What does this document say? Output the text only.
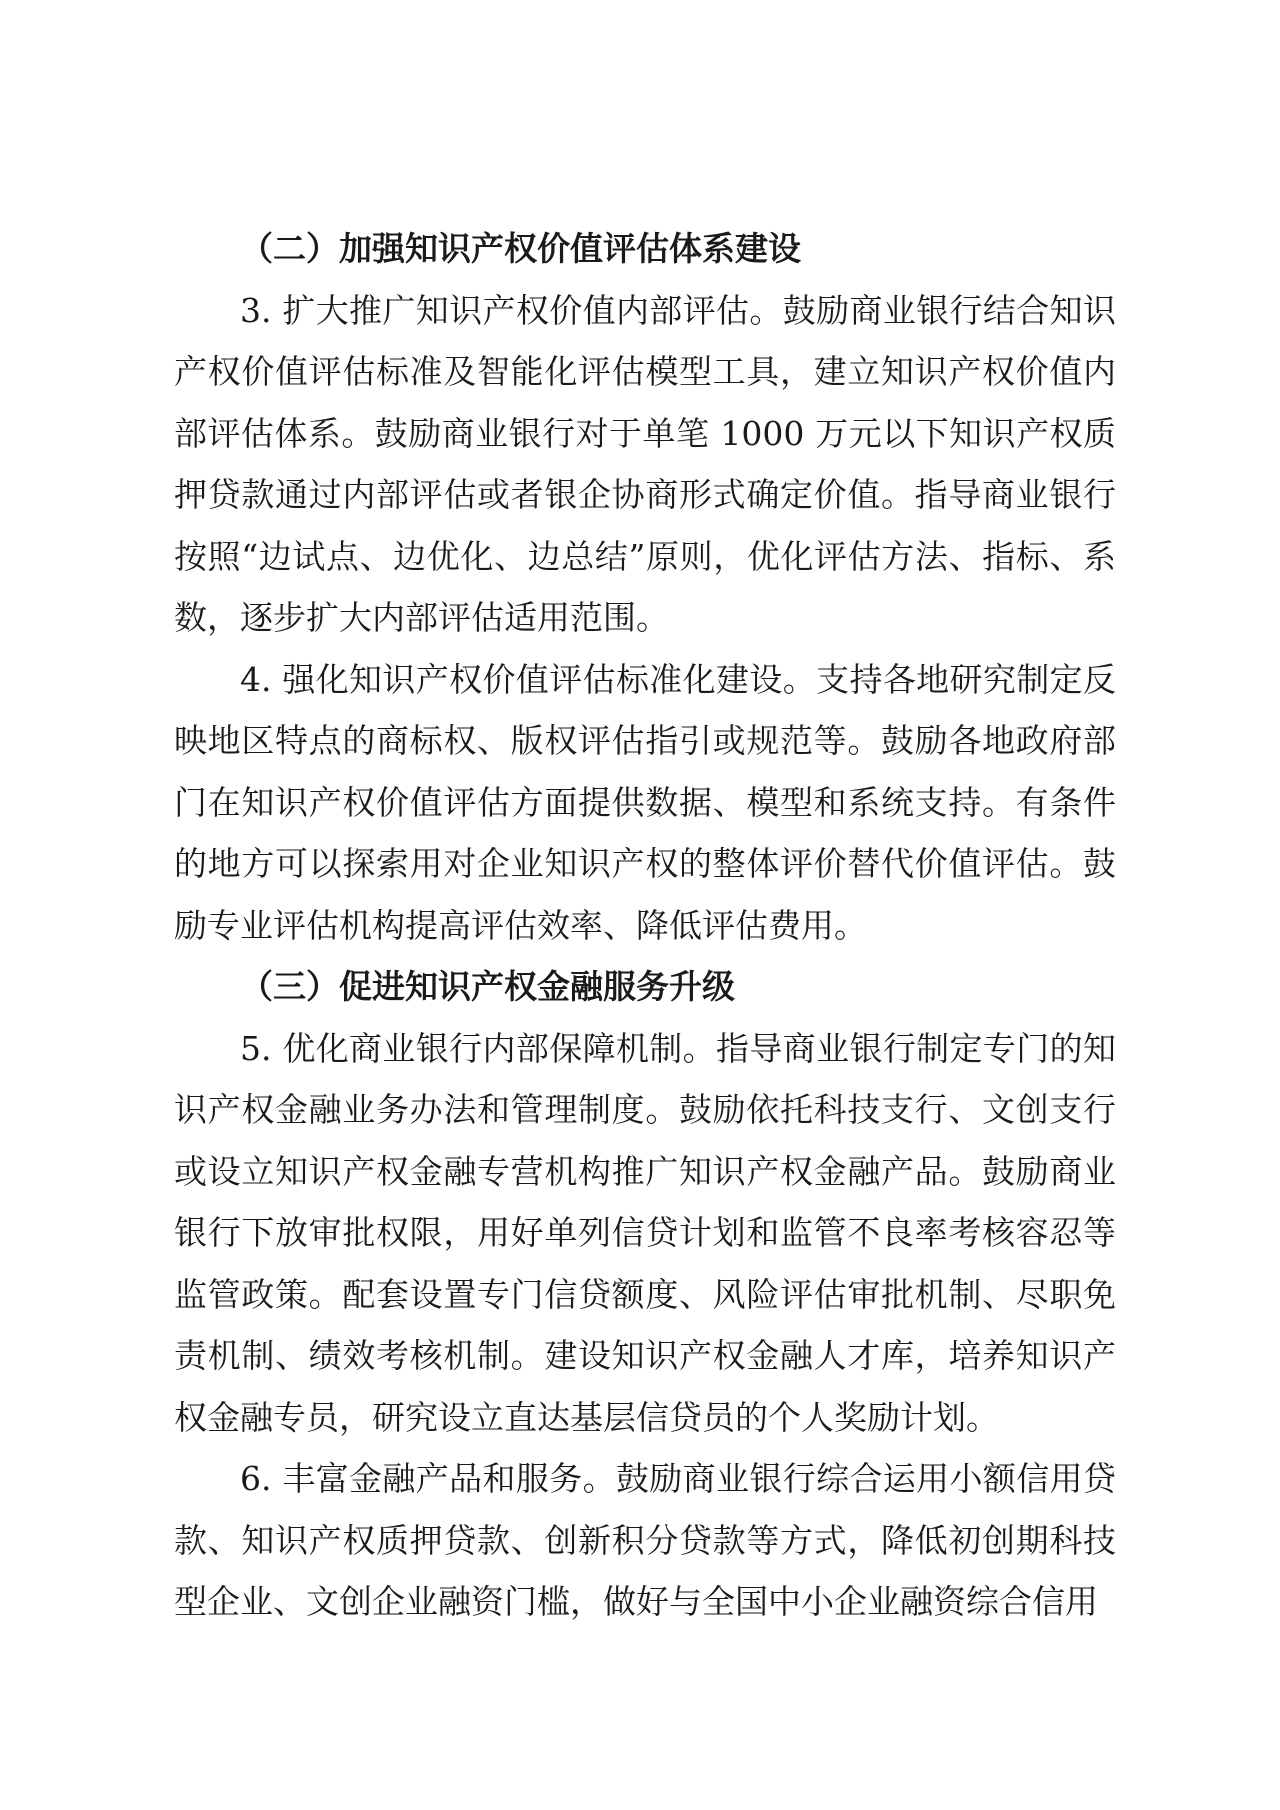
（二）加强知识产权价值评估体系建设

3. 扩大推广知识产权价值内部评估。鼓励商业银行结合知识产权价值评估标准及智能化评估模型工具，建立知识产权价值内部评估体系。鼓励商业银行对于单笔 1000 万元以下知识产权质押贷款通过内部评估或者银企协商形式确定价值。指导商业银行按照“边试点、边优化、边总结”原则，优化评估方法、指标、系数，逐步扩大内部评估适用范围。

4. 强化知识产权价值评估标准化建设。支持各地研究制定反映地区特点的商标权、版权评估指引或规范等。鼓励各地政府部门在知识产权价值评估方面提供数据、模型和系统支持。有条件的地方可以探索用对企业知识产权的整体评价替代价值评估。鼓励专业评估机构提高评估效率、降低评估费用。

（三）促进知识产权金融服务升级

5. 优化商业银行内部保障机制。指导商业银行制定专门的知识产权金融业务办法和管理制度。鼓励依托科技支行、文创支行或设立知识产权金融专营机构推广知识产权金融产品。鼓励商业银行下放审批权限，用好单列信贷计划和监管不良率考核容忍等监管政策。配套设置专门信贷额度、风险评估审批机制、尽职免责机制、绩效考核机制。建设知识产权金融人才库，培养知识产权金融专员，研究设立直达基层信贷员的个人奖励计划。

6. 丰富金融产品和服务。鼓励商业银行综合运用小额信用贷款、知识产权质押贷款、创新积分贷款等方式，降低初创期科技型企业、文创企业融资门槛，做好与全国中小企业融资综合信用
